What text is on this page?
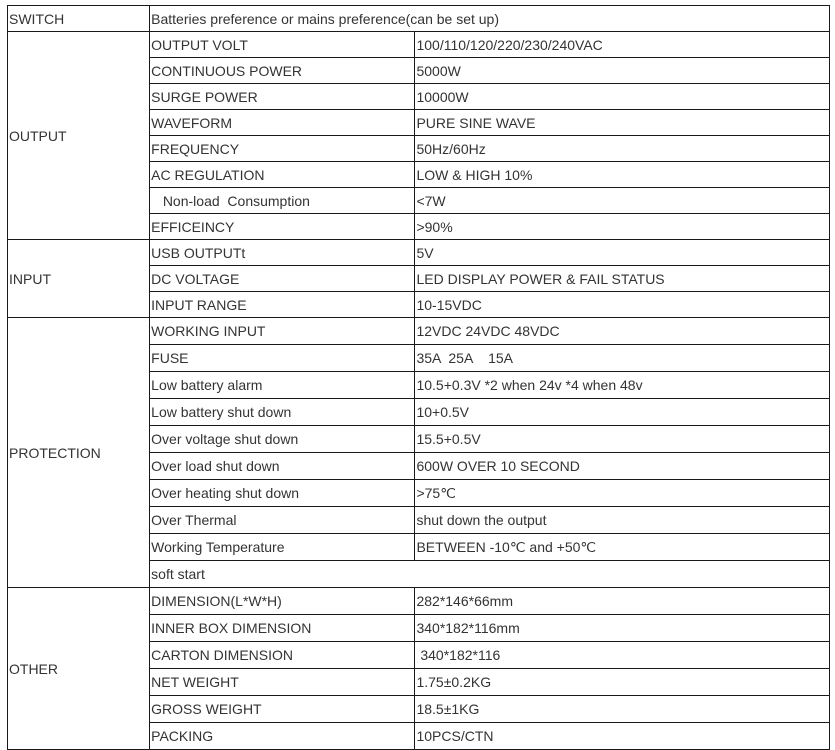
SWITCH	Batteries preference or mains preference(can be set up)	
OUTPUT	OUTPUT VOLT	100/110/120/220/230/240VAC
	CONTINUOUS POWER	5000W
	SURGE POWER	10000W
	WAVEFORM	PURE SINE WAVE
	FREQUENCY	50Hz/60Hz
	AC REGULATION	LOW & HIGH 10%
	Non-load  Consumption	<7W
	EFFICEINCY	>90%
INPUT	USB OUTPUTt	5V
	DC VOLTAGE	LED DISPLAY POWER & FAIL STATUS
	INPUT RANGE	10-15VDC
PROTECTION	WORKING INPUT	12VDC 24VDC 48VDC
	FUSE	35A  25A    15A
	Low battery alarm	10.5+0.3V *2 when 24v *4 when 48v
	Low battery shut down	10+0.5V
	Over voltage shut down	15.5+0.5V
	Over load shut down	600W OVER 10 SECOND
	Over heating shut down	>75℃
	Over Thermal	shut down the output
	Working Temperature	BETWEEN -10℃ and +50℃
	soft start	
OTHER	DIMENSION(L*W*H)	282*146*66mm
	INNER BOX DIMENSION	340*182*116mm
	CARTON DIMENSION	340*182*116
	NET WEIGHT	1.75±0.2KG
	GROSS WEIGHT	18.5±1KG
	PACKING	10PCS/CTN
